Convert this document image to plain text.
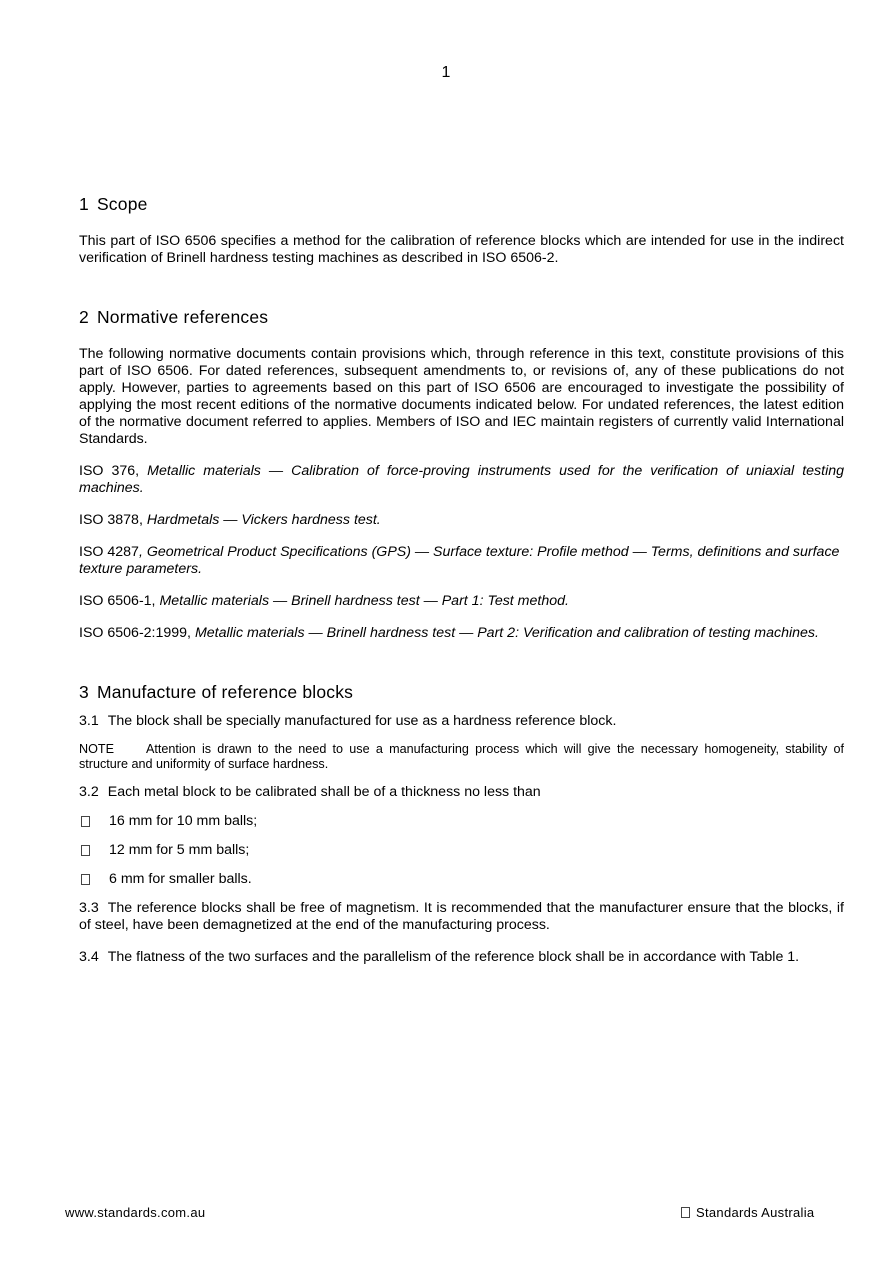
1
1 Scope

This part of ISO 6506 specifies a method for the calibration of reference blocks which are intended for use in the indirect verification of Brinell hardness testing machines as described in ISO 6506-2.

2 Normative references

The following normative documents contain provisions which, through reference in this text, constitute provisions of this part of ISO 6506. For dated references, subsequent amendments to, or revisions of, any of these publications do not apply. However, parties to agreements based on this part of ISO 6506 are encouraged to investigate the possibility of applying the most recent editions of the normative documents indicated below. For undated references, the latest edition of the normative document referred to applies. Members of ISO and IEC maintain registers of currently valid International Standards.

ISO 376, Metallic materials — Calibration of force-proving instruments used for the verification of uniaxial testing machines.

ISO 3878, Hardmetals — Vickers hardness test.

ISO 4287, Geometrical Product Specifications (GPS) — Surface texture: Profile method — Terms, definitions and surface texture parameters.

ISO 6506-1, Metallic materials — Brinell hardness test — Part 1: Test method.

ISO 6506-2:1999, Metallic materials — Brinell hardness test — Part 2: Verification and calibration of testing machines.

3 Manufacture of reference blocks

3.1 The block shall be specially manufactured for use as a hardness reference block.

NOTE	Attention is drawn to the need to use a manufacturing process which will give the necessary homogeneity, stability of structure and uniformity of surface hardness.

3.2 Each metal block to be calibrated shall be of a thickness no less than

16 mm for 10 mm balls;
12 mm for 5 mm balls;
6 mm for smaller balls.

3.3 The reference blocks shall be free of magnetism. It is recommended that the manufacturer ensure that the blocks, if of steel, have been demagnetized at the end of the manufacturing process.

3.4 The flatness of the two surfaces and the parallelism of the reference block shall be in accordance with Table 1.

www.standards.com.au	Standards Australia
